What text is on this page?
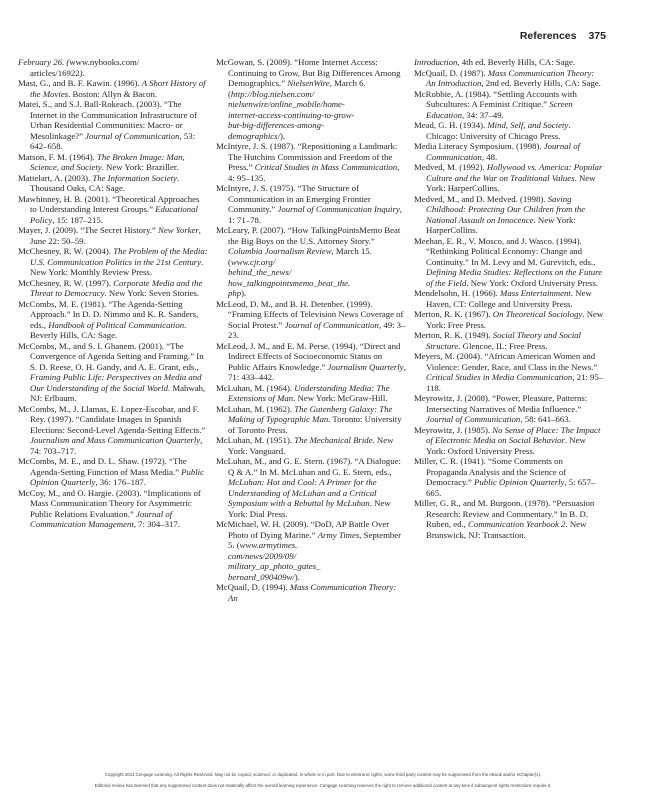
References 375

February 26. (www.nybooks.com/
articles/16922).

Mast, G., and B. F. Kawin. (1996). A Short History of the Movies. Boston: Allyn & Bacon.

Matei, S., and S.J. Ball-Rokeach. (2003). “The Internet in the Communication Infrastructure of Urban Residential Communities: Macro- or Mesolinkage?” Journal of Communication, 53: 642–658.

Matson, F. M. (1964). The Broken Image: Man, Science, and Society. New York: Braziller.

Mattelart, A. (2003). The Information Society. Thousand Oaks, CA: Sage.

Mawhinney, H. B. (2001). “Theoretical Approaches to Understanding Interest Groups.” Educational Policy, 15: 187–215.

Mayer, J. (2009). “The Secret History.” New Yorker, June 22: 50–59.

McChesney, R. W. (2004). The Problem of the Media: U.S. Communication Politics in the 21st Century. New York: Monthly Review Press.

McChesney, R. W. (1997). Corporate Media and the Threat to Democracy. New York: Seven Stories.

McCombs, M. E. (1981). “The Agenda-Setting Approach.” In D. D. Nimmo and K. R. Sanders, eds., Handbook of Political Communication. Beverly Hills, CA: Sage.

McCombs, M., and S. I. Ghanem. (2001). “The Convergence of Agenda Setting and Framing.” In S. D. Reese, O. H. Gandy, and A. E. Grant, eds., Framing Public Life: Perspectives on Media and Our Understanding of the Social World. Mahwah, NJ: Erlbaum.

McCombs, M., J. Llamas, E. Lopez-Escobar, and F. Rey. (1997). “Candidate Images in Spanish Elections: Second-Level Agenda-Setting Effects.” Journalism and Mass Communication Quarterly, 74: 703–717.

McCombs, M. E., and D. L. Shaw. (1972). “The Agenda-Setting Function of Mass Media.” Public Opinion Quarterly, 36: 176–187.

McCoy, M., and O. Hargie. (2003). “Implications of Mass Communication Theory for Asymmetric Public Relations Evaluation.” Journal of Communication Management, 7: 304–317.

McGowan, S. (2009). “Home Internet Access: Continuing to Grow, But Big Differences Among Demographics.” NielsenWire, March 6. (http://blog.nielsen.com/
nielsenwire/online_mobile/home-
internet-access-continuing-to-grow-
but-big-differences-among-
demographics/).

McIntyre, J. S. (1987). “Repositioning a Landmark: The Hutchins Commission and Freedom of the Press.” Critical Studies in Mass Communication, 4: 95–135.

McIntyre, J. S. (1975). “The Structure of Communication in an Emerging Frontier Community.” Journal of Communication Inquiry, 1: 71–78.

McLeary, P. (2007). “How TalkingPointsMemo Beat the Big Boys on the U.S. Attorney Story.” Columbia Journalism Review, March 15. (www.cjr.org/
behind_the_news/
how_talkingpointsmemo_beat_the.
php).

McLeod, D. M., and B. H. Detenber. (1999). “Framing Effects of Television News Coverage of Social Protest.” Journal of Communication, 49: 3–23.

McLeod, J. M., and E. M. Perse. (1994). “Direct and Indirect Effects of Socioeconomic Status on Public Affairs Knowledge.” Journalism Quarterly, 71: 433–442.

McLuhan, M. (1964). Understanding Media: The Extensions of Man. New York: McGraw-Hill.

McLuhan, M. (1962). The Gutenberg Galaxy: The Making of Typographic Man. Toronto: University of Toronto Press.

McLuhan, M. (1951). The Mechanical Bride. New York: Vanguard.

McLuhan, M., and G. E. Stern. (1967). “A Dialogue: Q & A.” In M. McLuhan and G. E. Stern, eds., McLuhan: Hot and Cool: A Primer for the Understanding of McLuhan and a Critical Symposium with a Rebuttal by McLuhan. New York: Dial Press.

McMichael, W. H. (2009). “DoD, AP Battle Over Photo of Dying Marine.” Army Times, September 5. (www.armytimes.
com/news/2009/09/
military_ap_photo_gates_
bernard_090409w/).

McQuail, D. (1994). Mass Communication Theory: An

Introduction, 4th ed. Beverly Hills, CA: Sage.

McQuail, D. (1987). Mass Communication Theory: An Introduction, 2nd ed. Beverly Hills, CA: Sage.

McRobbie, A. (1984). “Settling Accounts with Subcultures: A Feminist Critique.” Screen Education, 34: 37–49.

Mead, G. H. (1934). Mind, Self, and Society. Chicago: University of Chicago Press.

Media Literacy Symposium. (1998). Journal of Communication, 48.

Medved, M. (1992). Hollywood vs. America: Popular Culture and the War on Traditional Values. New York: HarperCollins.

Medved, M., and D. Medved. (1998). Saving Childhood: Protecting Our Children from the National Assault on Innocence. New York: HarperCollins.

Meehan, E. R., V. Mosco, and J. Wasco. (1994). “Rethinking Political Economy: Change and Continuity.” In M. Levy and M. Gurevitch, eds., Defining Media Studies: Reflections on the Future of the Field. New York: Oxford University Press.

Mendelsohn, H. (1966). Mass Entertainment. New Haven, CT: College and University Press.

Merton, R. K. (1967). On Theoretical Sociology. New York: Free Press.

Merton, R. K. (1949). Social Theory and Social Structure. Glencoe, IL: Free Press.

Meyers, M. (2004). “African American Women and Violence: Gender, Race, and Class in the News.” Critical Studies in Media Communication, 21: 95–118.

Meyrowitz, J. (2008). “Power, Pleasure, Patterns: Intersecting Narratives of Media Influence.” Journal of Communication, 58: 641–663.

Meyrowitz, J. (1985). No Sense of Place: The Impact of Electronic Media on Social Behavior. New York: Oxford University Press.

Miller, C. R. (1941). “Some Comments on Propaganda Analysis and the Science of Democracy.” Public Opinion Quarterly, 5: 657–665.

Miller, G. R., and M. Burgoon. (1978). “Persuasion Research: Review and Commentary.” In B. D. Ruben, ed., Communication Yearbook 2. New Brunswick, NJ: Transaction.

Copyright 2011 Cengage Learning. All Rights Reserved. May not be copied, scanned, or duplicated, in whole or in part. Due to electronic rights, some third party content may be suppressed from the eBook and/or eChapter(s).
Editorial review has deemed that any suppressed content does not materially affect the overall learning experience. Cengage Learning reserves the right to remove additional content at any time if subsequent rights restrictions require it.
